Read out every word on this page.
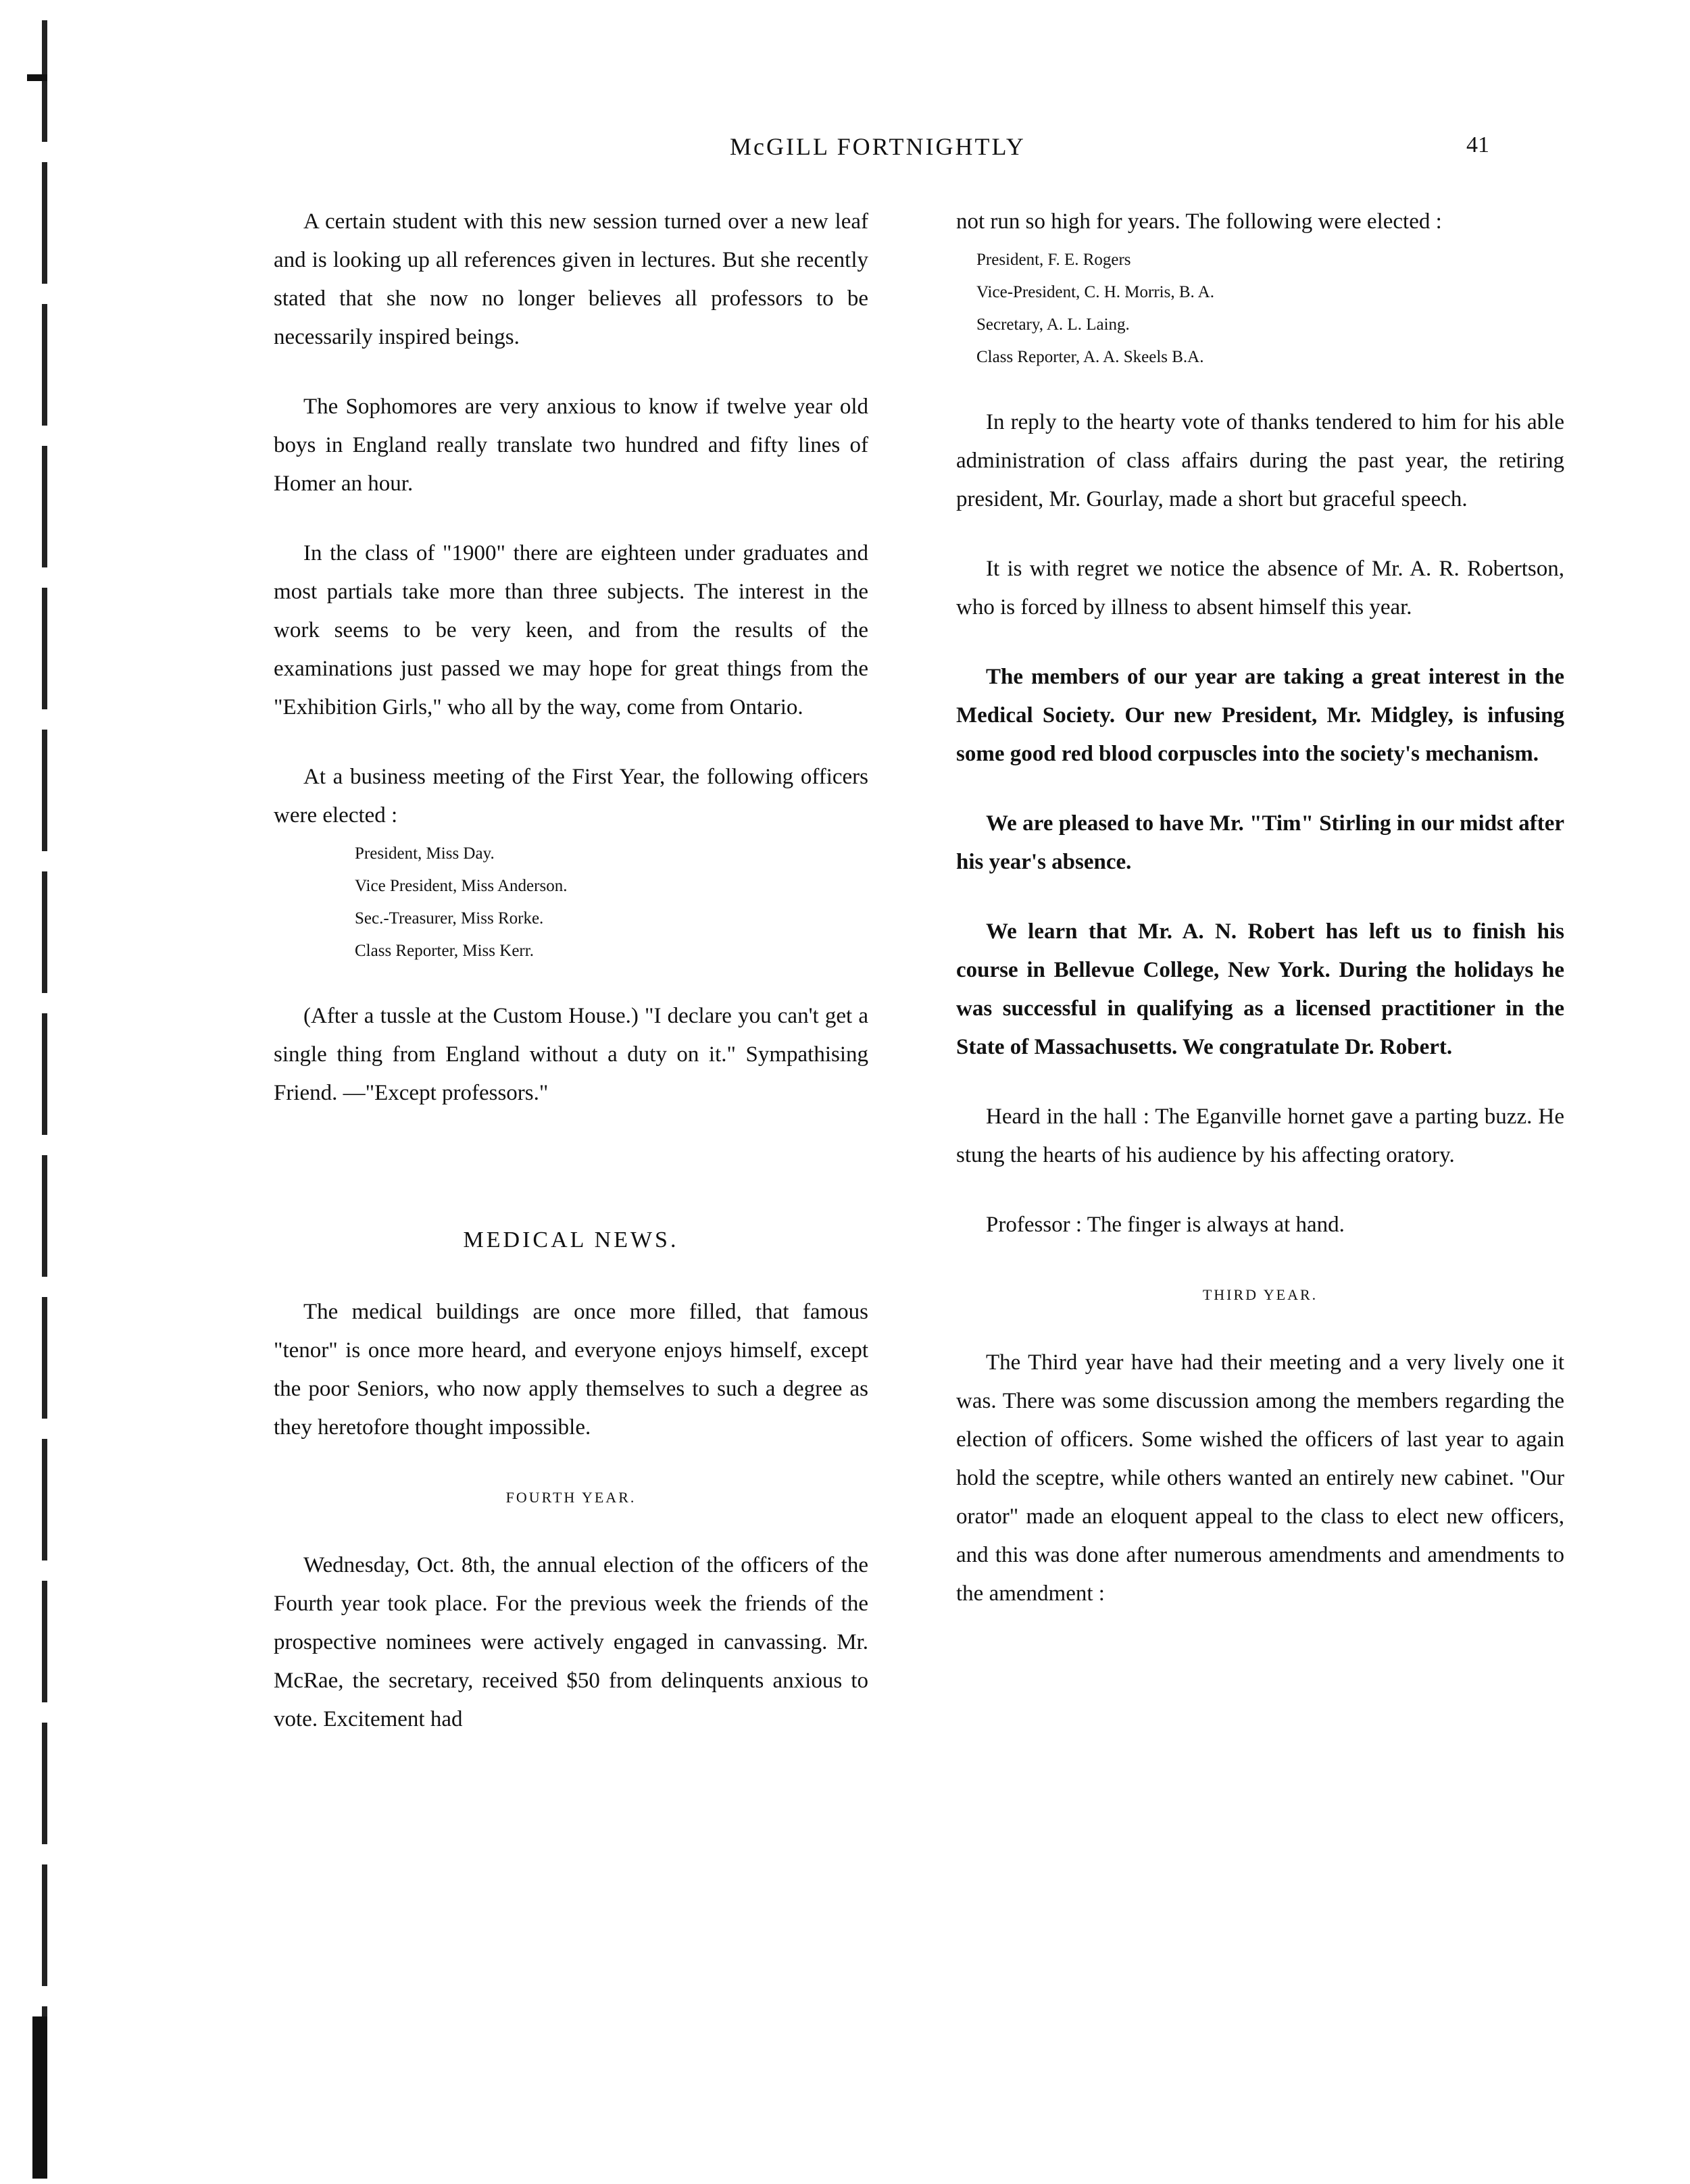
McGILL FORTNIGHTLY	41

A certain student with this new session turned over a new leaf and is looking up all references given in lectures. But she recently stated that she now no longer believes all professors to be necessarily inspired beings.

The Sophomores are very anxious to know if twelve year old boys in England really translate two hundred and fifty lines of Homer an hour.

In the class of "1900" there are eighteen under graduates and most partials take more than three subjects. The interest in the work seems to be very keen, and from the results of the examinations just passed we may hope for great things from the "Exhibition Girls," who all by the way, come from Ontario.

At a business meeting of the First Year, the following officers were elected :

President, Miss Day.
Vice President, Miss Anderson.
Sec.-Treasurer, Miss Rorke.
Class Reporter, Miss Kerr.

(After a tussle at the Custom House.) "I declare you can't get a single thing from England without a duty on it." Sympathising Friend. —"Except professors."

MEDICAL NEWS.

The medical buildings are once more filled, that famous "tenor" is once more heard, and everyone enjoys himself, except the poor Seniors, who now apply themselves to such a degree as they heretofore thought impossible.

FOURTH YEAR.

Wednesday, Oct. 8th, the annual election of the officers of the Fourth year took place. For the previous week the friends of the prospective nominees were actively engaged in canvassing. Mr. McRae, the secretary, received $50 from delinquents anxious to vote. Excitement had

not run so high for years. The following were elected :

President, F. E. Rogers
Vice-President, C. H. Morris, B. A.
Secretary, A. L. Laing.
Class Reporter, A. A. Skeels B.A.

In reply to the hearty vote of thanks tendered to him for his able administration of class affairs during the past year, the retiring president, Mr. Gourlay, made a short but graceful speech.

It is with regret we notice the absence of Mr. A. R. Robertson, who is forced by illness to absent himself this year.

The members of our year are taking a great interest in the Medical Society. Our new President, Mr. Midgley, is infusing some good red blood corpuscles into the society's mechanism.

We are pleased to have Mr. "Tim" Stirling in our midst after his year's absence.

We learn that Mr. A. N. Robert has left us to finish his course in Bellevue College, New York. During the holidays he was successful in qualifying as a licensed practitioner in the State of Massachusetts. We congratulate Dr. Robert.

Heard in the hall : The Eganville hornet gave a parting buzz. He stung the hearts of his audience by his affecting oratory.

Professor : The finger is always at hand.

THIRD YEAR.

The Third year have had their meeting and a very lively one it was. There was some discussion among the members regarding the election of officers. Some wished the officers of last year to again hold the sceptre, while others wanted an entirely new cabinet. "Our orator" made an eloquent appeal to the class to elect new officers, and this was done after numerous amendments and amendments to the amendment :
